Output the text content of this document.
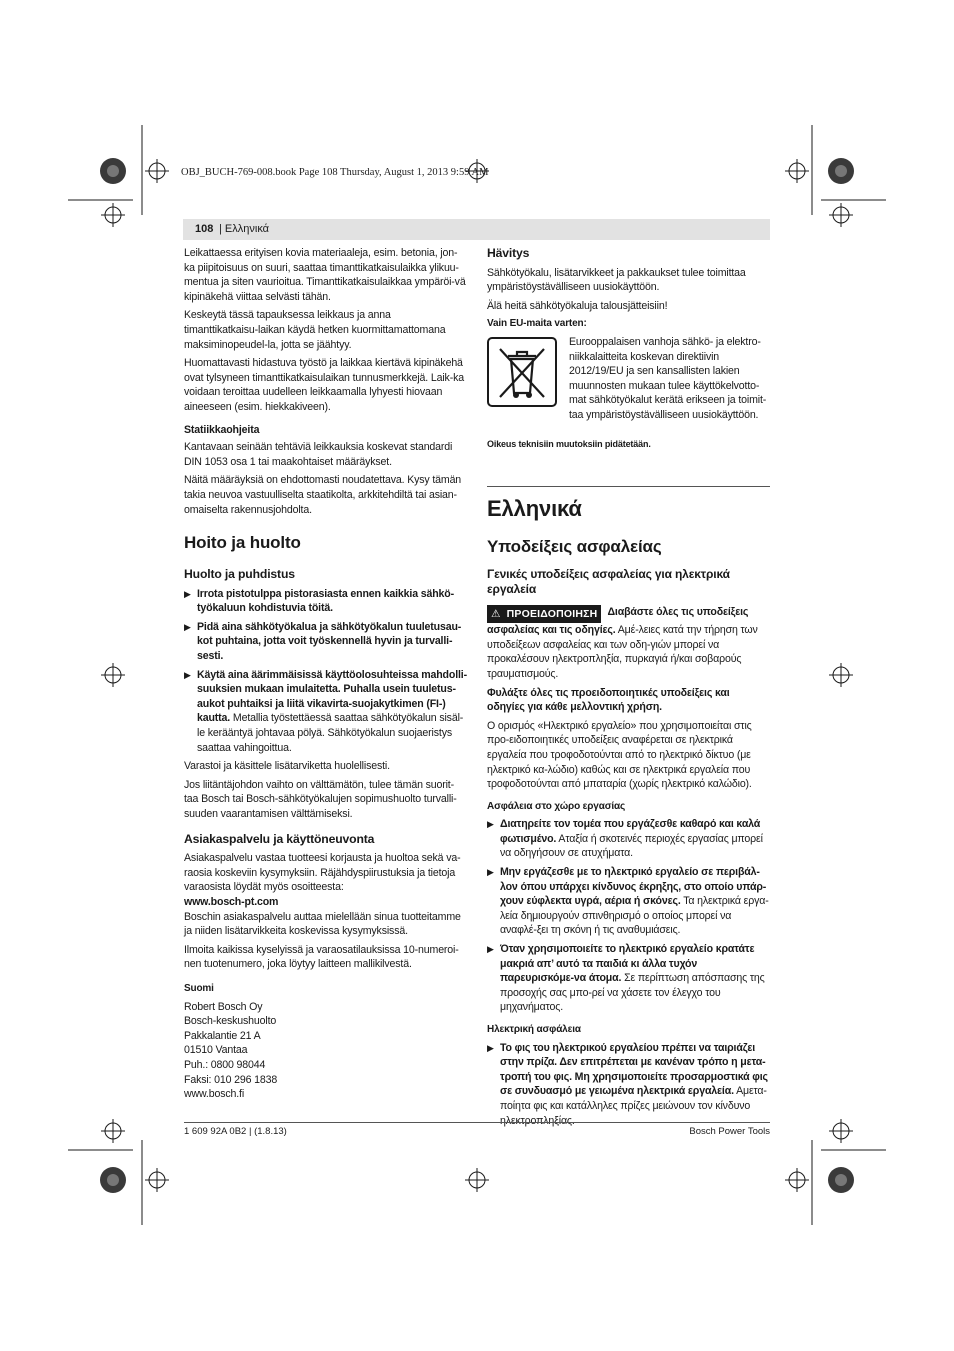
OBJ_BUCH-769-008.book Page 108 Thursday, August 1, 2013 9:59 AM
108 | Ελληνικά

Leikattaessa erityisen kovia materiaaleja, esim. betonia, jon-ka piipitoisuus on suuri, saattaa timanttikatkaisulaikka ylikuu-mentua ja siten vaurioitua. Timanttikatkaisulaikkaa ympäröi-vä kipinäkehä viittaa selvästi tähän.

Keskeytä tässä tapauksessa leikkaus ja anna timanttikatkaisu-laikan käydä hetken kuormittamattomana maksiminopeudel-la, jotta se jäähtyy.

Huomattavasti hidastuva työstö ja laikkaa kiertävä kipinäkehä ovat tylsyneen timanttikatkaisulaikan tunnusmerkkejä. Laik-ka voidaan teroittaa uudelleen leikkaamalla lyhyesti hiovaan aineeseen (esim. hiekkakiveen).

Statiikkaohjeita

Kantavaan seinään tehtäviä leikkauksia koskevat standardi DIN 1053 osa 1 tai maakohtaiset määräykset.

Näitä määräyksiä on ehdottomasti noudatettava. Kysy tämän takia neuvoa vastuulliselta staatikolta, arkkitehdiltä tai asian-omaiselta rakennusjohdolta.

Hoito ja huolto
Huolto ja puhdistus
▶ Irrota pistotulppa pistorasiasta ennen kaikkia sähkö-työkaluun kohdistuvia töitä.
▶ Pidä aina sähkötyökalua ja sähkötyökalun tuuletusau-kot puhtaina, jotta voit työskennellä hyvin ja turvalli-sesti.
▶ Käytä aina äärimmäisissä käyttöolosuhteissa mahdolli-suuksien mukaan imulaitetta. Puhalla usein tuuletus-aukot puhtaiksi ja liitä vikavirta-suojakytkimen (FI-) kautta. Metallia työstettäessä saattaa sähkötyökalun sisäl-le kerääntyä johtavaa pölyä. Sähkötyökalun suojaeristys saattaa vahingoittua.

Varastoi ja käsittele lisätarviketta huolellisesti.

Jos liitäntäjohdon vaihto on välttämätön, tulee tämän suorit-taa Bosch tai Bosch-sähkötyökalujen sopimushuolto turvalli-suuden vaarantamisen välttämiseksi.

Asiakaspalvelu ja käyttöneuvonta

Asiakaspalvelu vastaa tuotteesi korjausta ja huoltoa sekä va-raosia koskeviin kysymyksiin. Räjähdyspiirustuksia ja tietoja varaosista löydät myös osoitteesta:
www.bosch-pt.com

Boschin asiakaspalvelu auttaa mielellään sinua tuotteitamme ja niiden lisätarvikkeita koskevissa kysymyksissä.

Ilmoita kaikissa kyselyissä ja varaosatilauksissa 10-numeroi-nen tuotenumero, joka löytyy laitteen mallikilvestä.

Suomi
Robert Bosch Oy
Bosch-keskushuolto
Pakkalantie 21 A
01510 Vantaa
Puh.: 0800 98044
Faksi: 010 296 1838
www.bosch.fi
Hävitys

Sähkötyökalu, lisätarvikkeet ja pakkaukset tulee toimittaa ympäristöystävälliseen uusiokäyttöön.

Älä heitä sähkötyökaluja talousjätteisiin!

Vain EU-maita varten:
Eurooppalaisen vanhoja sähkö- ja elektro-niikkalaitteita koskevan direktiivin 2012/19/EU ja sen kansallisten lakien muunnosten mukaan tulee käyttökelvotto-mat sähkötyökalut kerätä erikseen ja toimit-taa ympäristöystävälliseen uusiokäyttöön.
Oikeus teknisiin muutoksiin pidätetään.
Ελληνικά
Υποδείξεις ασφαλείας
Γενικές υποδείξεις ασφαλείας για ηλεκτρικά εργαλεία
⚠ ΠΡΟΕΙΔΟΠΟΙΗΣΗ Διαβάστε όλες τις υποδείξεις ασφαλείας και τις οδηγίες. Αμέ-λειες κατά την τήρηση των υποδείξεων ασφαλείας και των οδη-γιών μπορεί να προκαλέσουν ηλεκτροπληξία, πυρκαγιά ή/και σοβαρούς τραυματισμούς.

Φυλάξτε όλες τις προειδοποιητικές υποδείξεις και οδηγίες για κάθε μελλοντική χρήση.

Ο ορισμός «Ηλεκτρικό εργαλείο» που χρησιμοποιείται στις προ-ειδοποιητικές υποδείξεις αναφέρεται σε ηλεκτρικά εργαλεία που τροφοδοτούνται από το ηλεκτρικό δίκτυο (με ηλεκτρικό κα-λώδιο) καθώς και σε ηλεκτρικά εργαλεία που τροφοδοτούνται από μπαταρία (χωρίς ηλεκτρικό καλώδιο).

Ασφάλεια στο χώρο εργασίας
▶ Διατηρείτε τον τομέα που εργάζεσθε καθαρό και καλά φωτισμένο. Αταξία ή σκοτεινές περιοχές εργασίας μπορεί να οδηγήσουν σε ατυχήματα.
▶ Μην εργάζεσθε με το ηλεκτρικό εργαλείο σε περιβάλ-λον όπου υπάρχει κίνδυνος έκρηξης, στο οποίο υπάρ-χουν εύφλεκτα υγρά, αέρια ή σκόνες. Τα ηλεκτρικά εργα-λεία δημιουργούν σπινθηρισμό ο οποίος μπορεί να αναφλέ-ξει τη σκόνη ή τις αναθυμιάσεις.
▶ Όταν χρησιμοποιείτε το ηλεκτρικό εργαλείο κρατάτε μακριά απ’ αυτό τα παιδιά κι άλλα τυχόν παρευρισκόμε-να άτομα. Σε περίπτωση απόσπασης της προσοχής σας μπο-ρεί να χάσετε τον έλεγχο του μηχανήματος.
Ηλεκτρική ασφάλεια
▶ Το φις του ηλεκτρικού εργαλείου πρέπει να ταιριάζει στην πρίζα. Δεν επιτρέπεται με κανέναν τρόπο η μετα-τροπή του φις. Μη χρησιμοποιείτε προσαρμοστικά φις σε συνδυασμό με γειωμένα ηλεκτρικά εργαλεία. Αμετα-ποίητα φις και κατάλληλες πρίζες μειώνουν τον κίνδυνο ηλεκτροπληξίας.
1 609 92A 0B2 | (1.8.13)	Bosch Power Tools
